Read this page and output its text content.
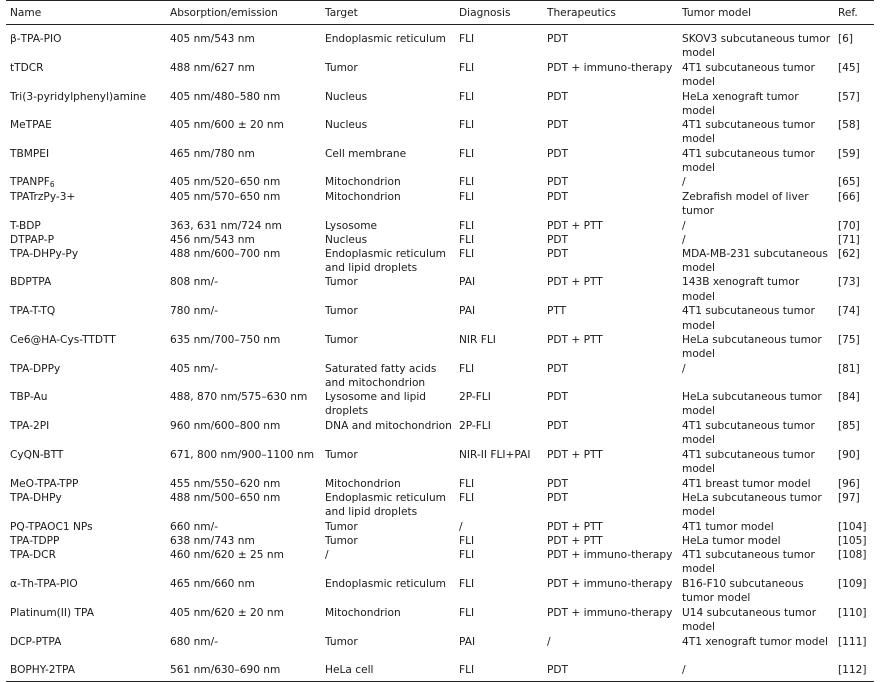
Name	Absorption/emission	Target	Diagnosis	Therapeutics	Tumor model	Ref.
β-TPA-PIO	405 nm/543 nm	Endoplasmic reticulum	FLI	PDT	SKOV3 subcutaneous tumor model	[6]
tTDCR	488 nm/627 nm	Tumor	FLI	PDT + immuno-therapy	4T1 subcutaneous tumor model	[45]
Tri(3-pyridylphenyl)amine	405 nm/480–580 nm	Nucleus	FLI	PDT	HeLa xenograft tumor model	[57]
MeTPAE	405 nm/600 ± 20 nm	Nucleus	FLI	PDT	4T1 subcutaneous tumor model	[58]
TBMPEI	465 nm/780 nm	Cell membrane	FLI	PDT	4T1 subcutaneous tumor model	[59]
$TPANPF_6$	405 nm/520–650 nm	Mitochondrion	FLI	PDT	/	[65]
TPATrzPy-3+	405 nm/570–650 nm	Mitochondrion	FLI	PDT	Zebrafish model of liver tumor	[66]
T-BDP	363, 631 nm/724 nm	Lysosome	FLI	PDT + PTT	/	[70]
DTPAP-P	456 nm/543 nm	Nucleus	FLI	PDT	/	[71]
TPA-DHPy-Py	488 nm/600–700 nm	Endoplasmic reticulum and lipid droplets	FLI	PDT	MDA-MB-231 subcutaneous model	[62]
BDPTPA	808 nm/-	Tumor	PAI	PDT + PTT	143B xenograft tumor model	[73]
TPA-T-TQ	780 nm/-	Tumor	PAI	PTT	4T1 subcutaneous tumor model	[74]
Ce6@HA-Cys-TTDTT	635 nm/700–750 nm	Tumor	NIR FLI	PDT + PTT	HeLa subcutaneous tumor model	[75]
TPA-DPPy	405 nm/-	Saturated fatty acids and mitochondrion	FLI	PDT	/	[81]
TBP-Au	488, 870 nm/575–630 nm	Lysosome and lipid droplets	2P-FLI	PDT	HeLa subcutaneous tumor model	[84]
TPA-2PI	960 nm/600–800 nm	DNA and mitochondrion	2P-FLI	PDT	4T1 subcutaneous tumor model	[85]
CyQN-BTT	671, 800 nm/900–1100 nm	Tumor	NIR-II FLI+PAI	PDT + PTT	4T1 subcutaneous tumor model	[90]
MeO-TPA-TPP	455 nm/550–620 nm	Mitochondrion	FLI	PDT	4T1 breast tumor model	[96]
TPA-DHPy	488 nm/500–650 nm	Endoplasmic reticulum and lipid droplets	FLI	PDT	HeLa subcutaneous tumor model	[97]
PQ-TPAOC1 NPs	660 nm/-	Tumor	/	PDT + PTT	4T1 tumor model	[104]
TPA-TDPP	638 nm/743 nm	Tumor	FLI	PDT + PTT	HeLa tumor model	[105]
TPA-DCR	460 nm/620 ± 25 nm	/	FLI	PDT + immuno-therapy	4T1 subcutaneous tumor model	[108]
α-Th-TPA-PIO	465 nm/660 nm	Endoplasmic reticulum	FLI	PDT + immuno-therapy	B16-F10 subcutaneous tumor model	[109]
Platinum(II) TPA	405 nm/620 ± 20 nm	Mitochondrion	FLI	PDT + immuno-therapy	U14 subcutaneous tumor model	[110]
DCP-PTPA	680 nm/-	Tumor	PAI	/	4T1 xenograft tumor model	[111]
BOPHY-2TPA	561 nm/630–690 nm	HeLa cell	FLI	PDT	/	[112]
